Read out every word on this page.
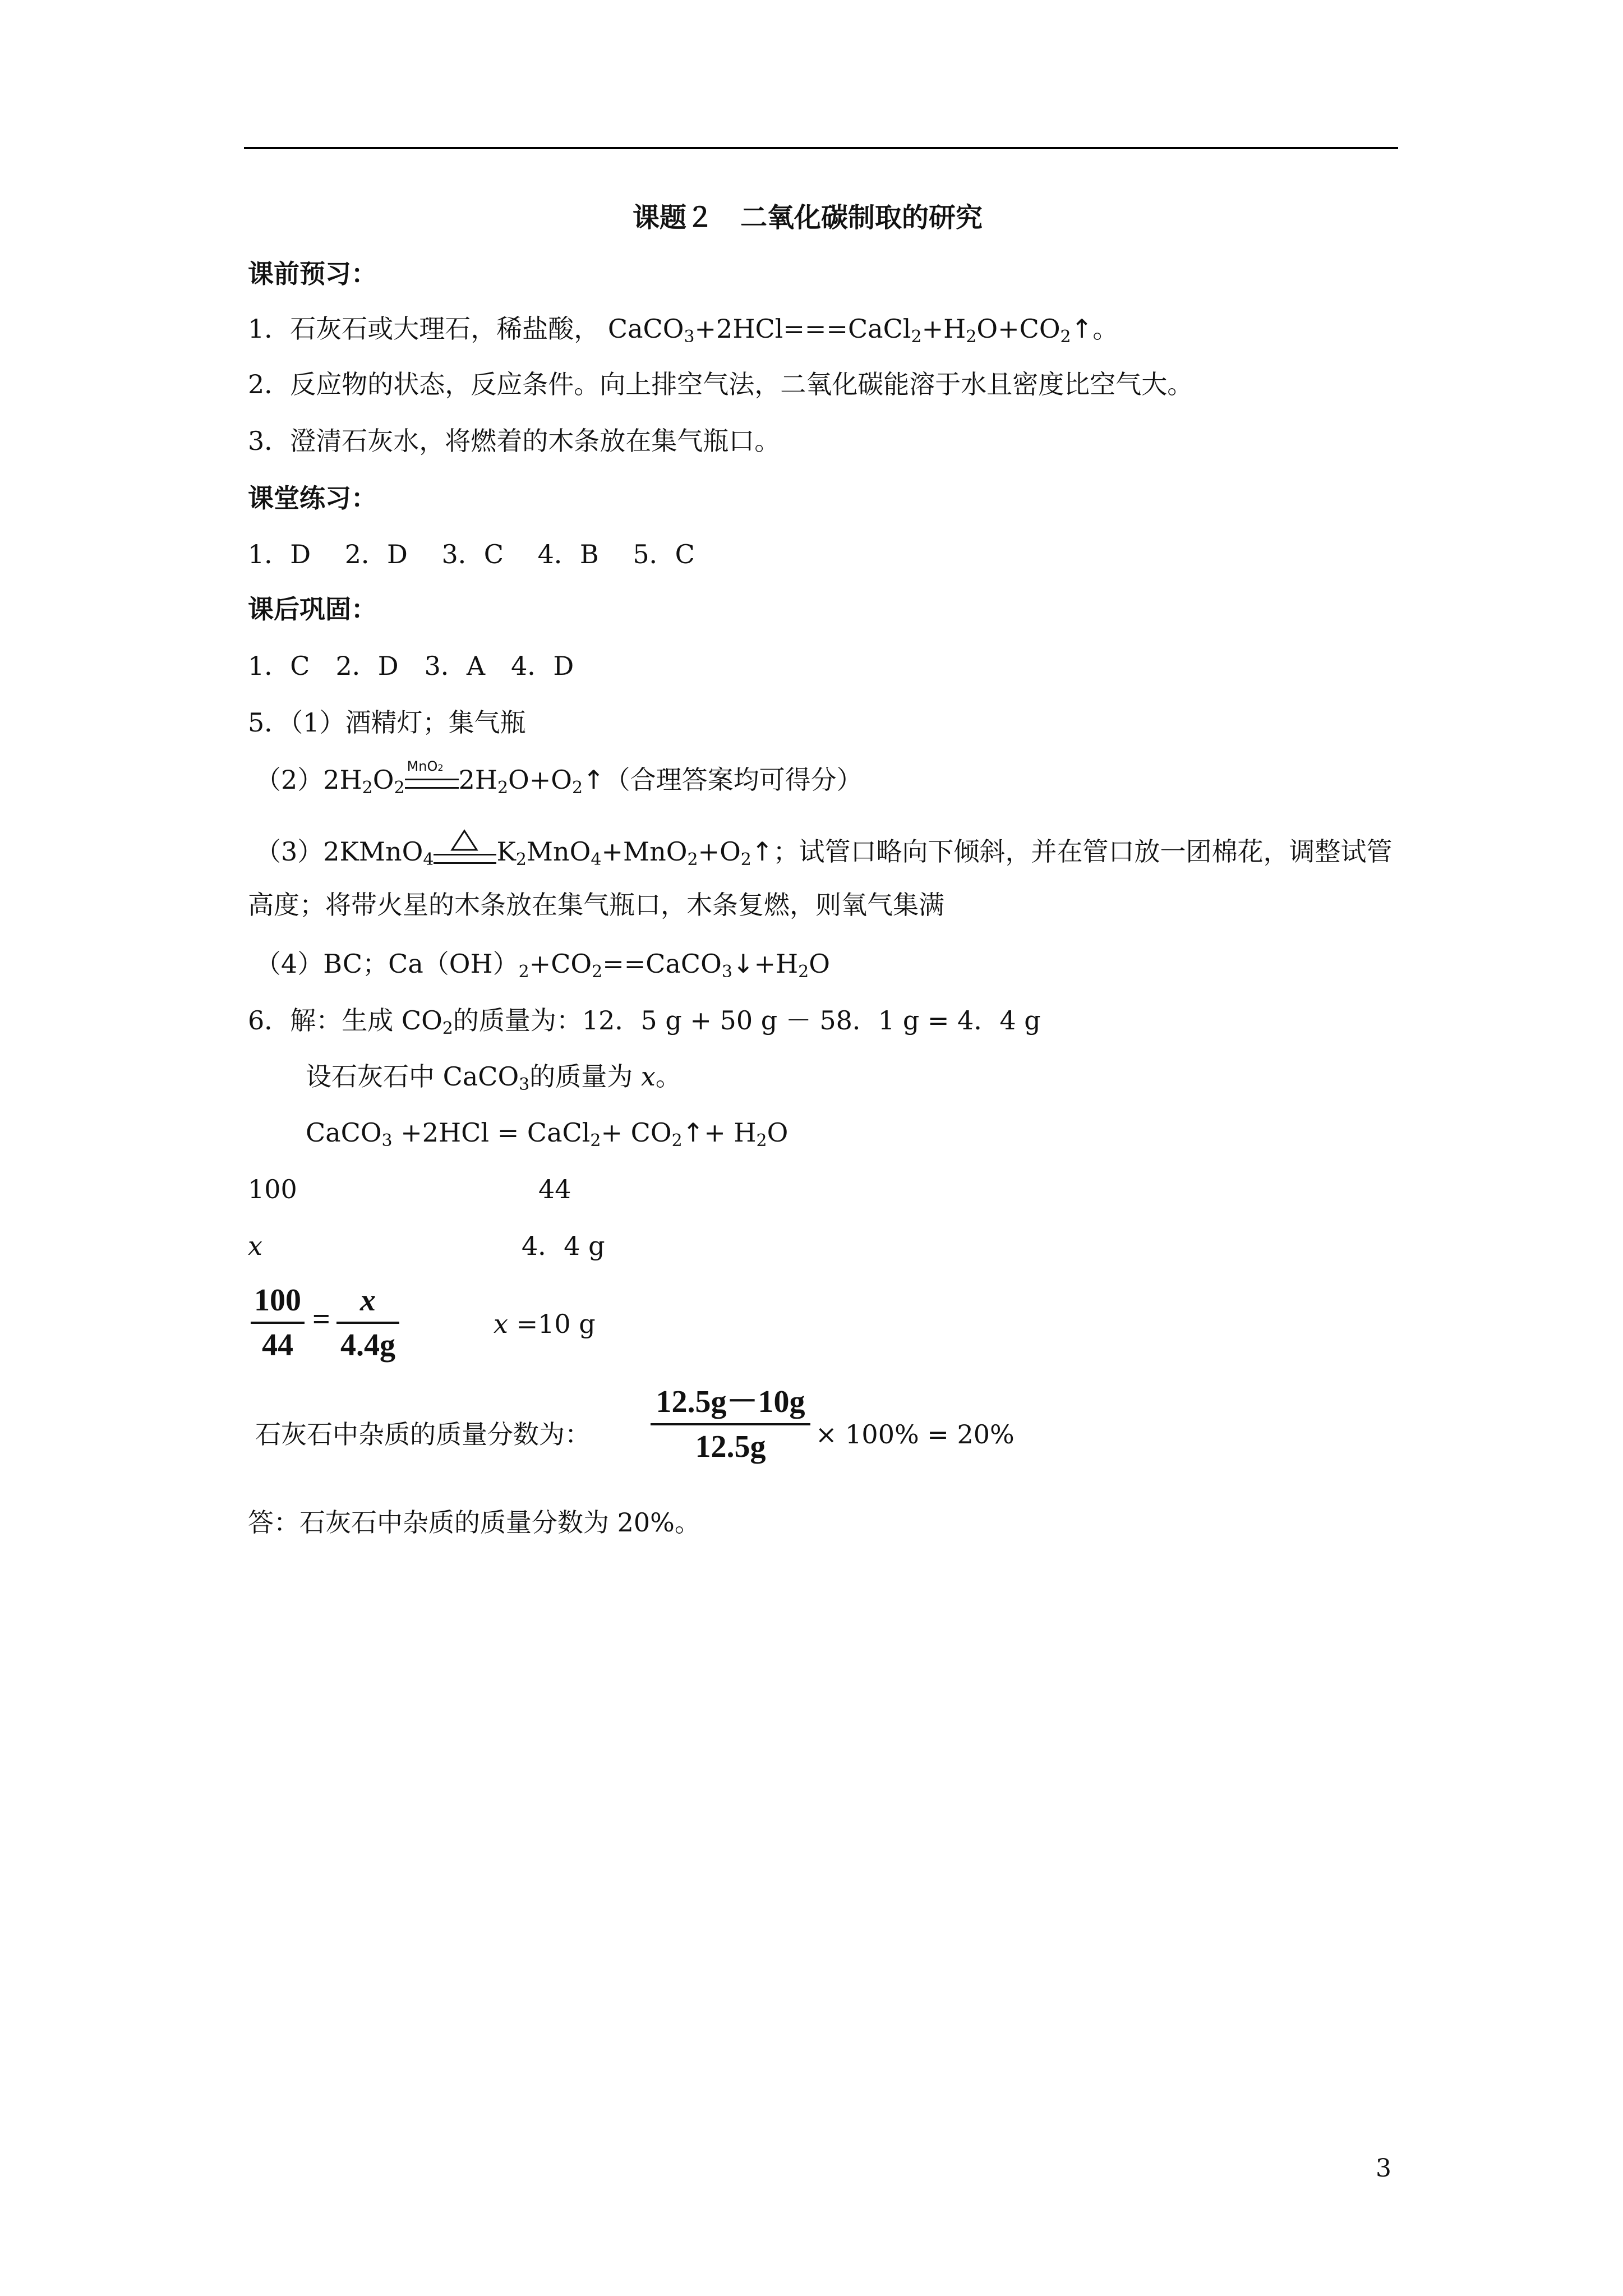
课题２　二氧化碳制取的研究
课前预习：
1．石灰石或大理石，稀盐酸， $CaCO_3+2HCl===CaCl_2+H_2O+CO_2↑$。
2．反应物的状态，反应条件。向上排空气法，二氧化碳能溶于水且密度比空气大。
3．澄清石灰水，将燃着的木条放在集气瓶口。
课堂练习：
1．D　 2．D　 3．C　 4．B　 5．C
课后巩固：
1．C　2．D　3．A　4．D
5．（1）酒精灯；集气瓶
$(2)2H_2O_2$
MnO2 $2H_2O+O_2↑$（合理答案均可得分）
（3）2KMnO$_4$ $K_2MnO_4+MnO_2+O_2↑$；试管口略向下倾斜，并在管口放一团棉花，调整试管
高度；将带火星的木条放在集气瓶口，木条复燃，则氧气集满
（4）BC；$Ca(OH)_2+CO_2==CaCO_3↓+H_2O$
6．解：生成 $CO_2$的质量为：12．5 g + 50 g － 58．1 g = 4．4 g
设石灰石中 CaCO$_3$的质量为 x。
CaCO$_3$ +2HCl = CaCl$_2$+ $CO_2↑+ H_2O$
100	44
x	4．4 g
100
44
=
x
4.4g
x =10 g
石灰石中杂质的质量分数为：
12.5g－10g
12.5g	× 100% = 20%
答：石灰石中杂质的质量分数为 20%。
3
